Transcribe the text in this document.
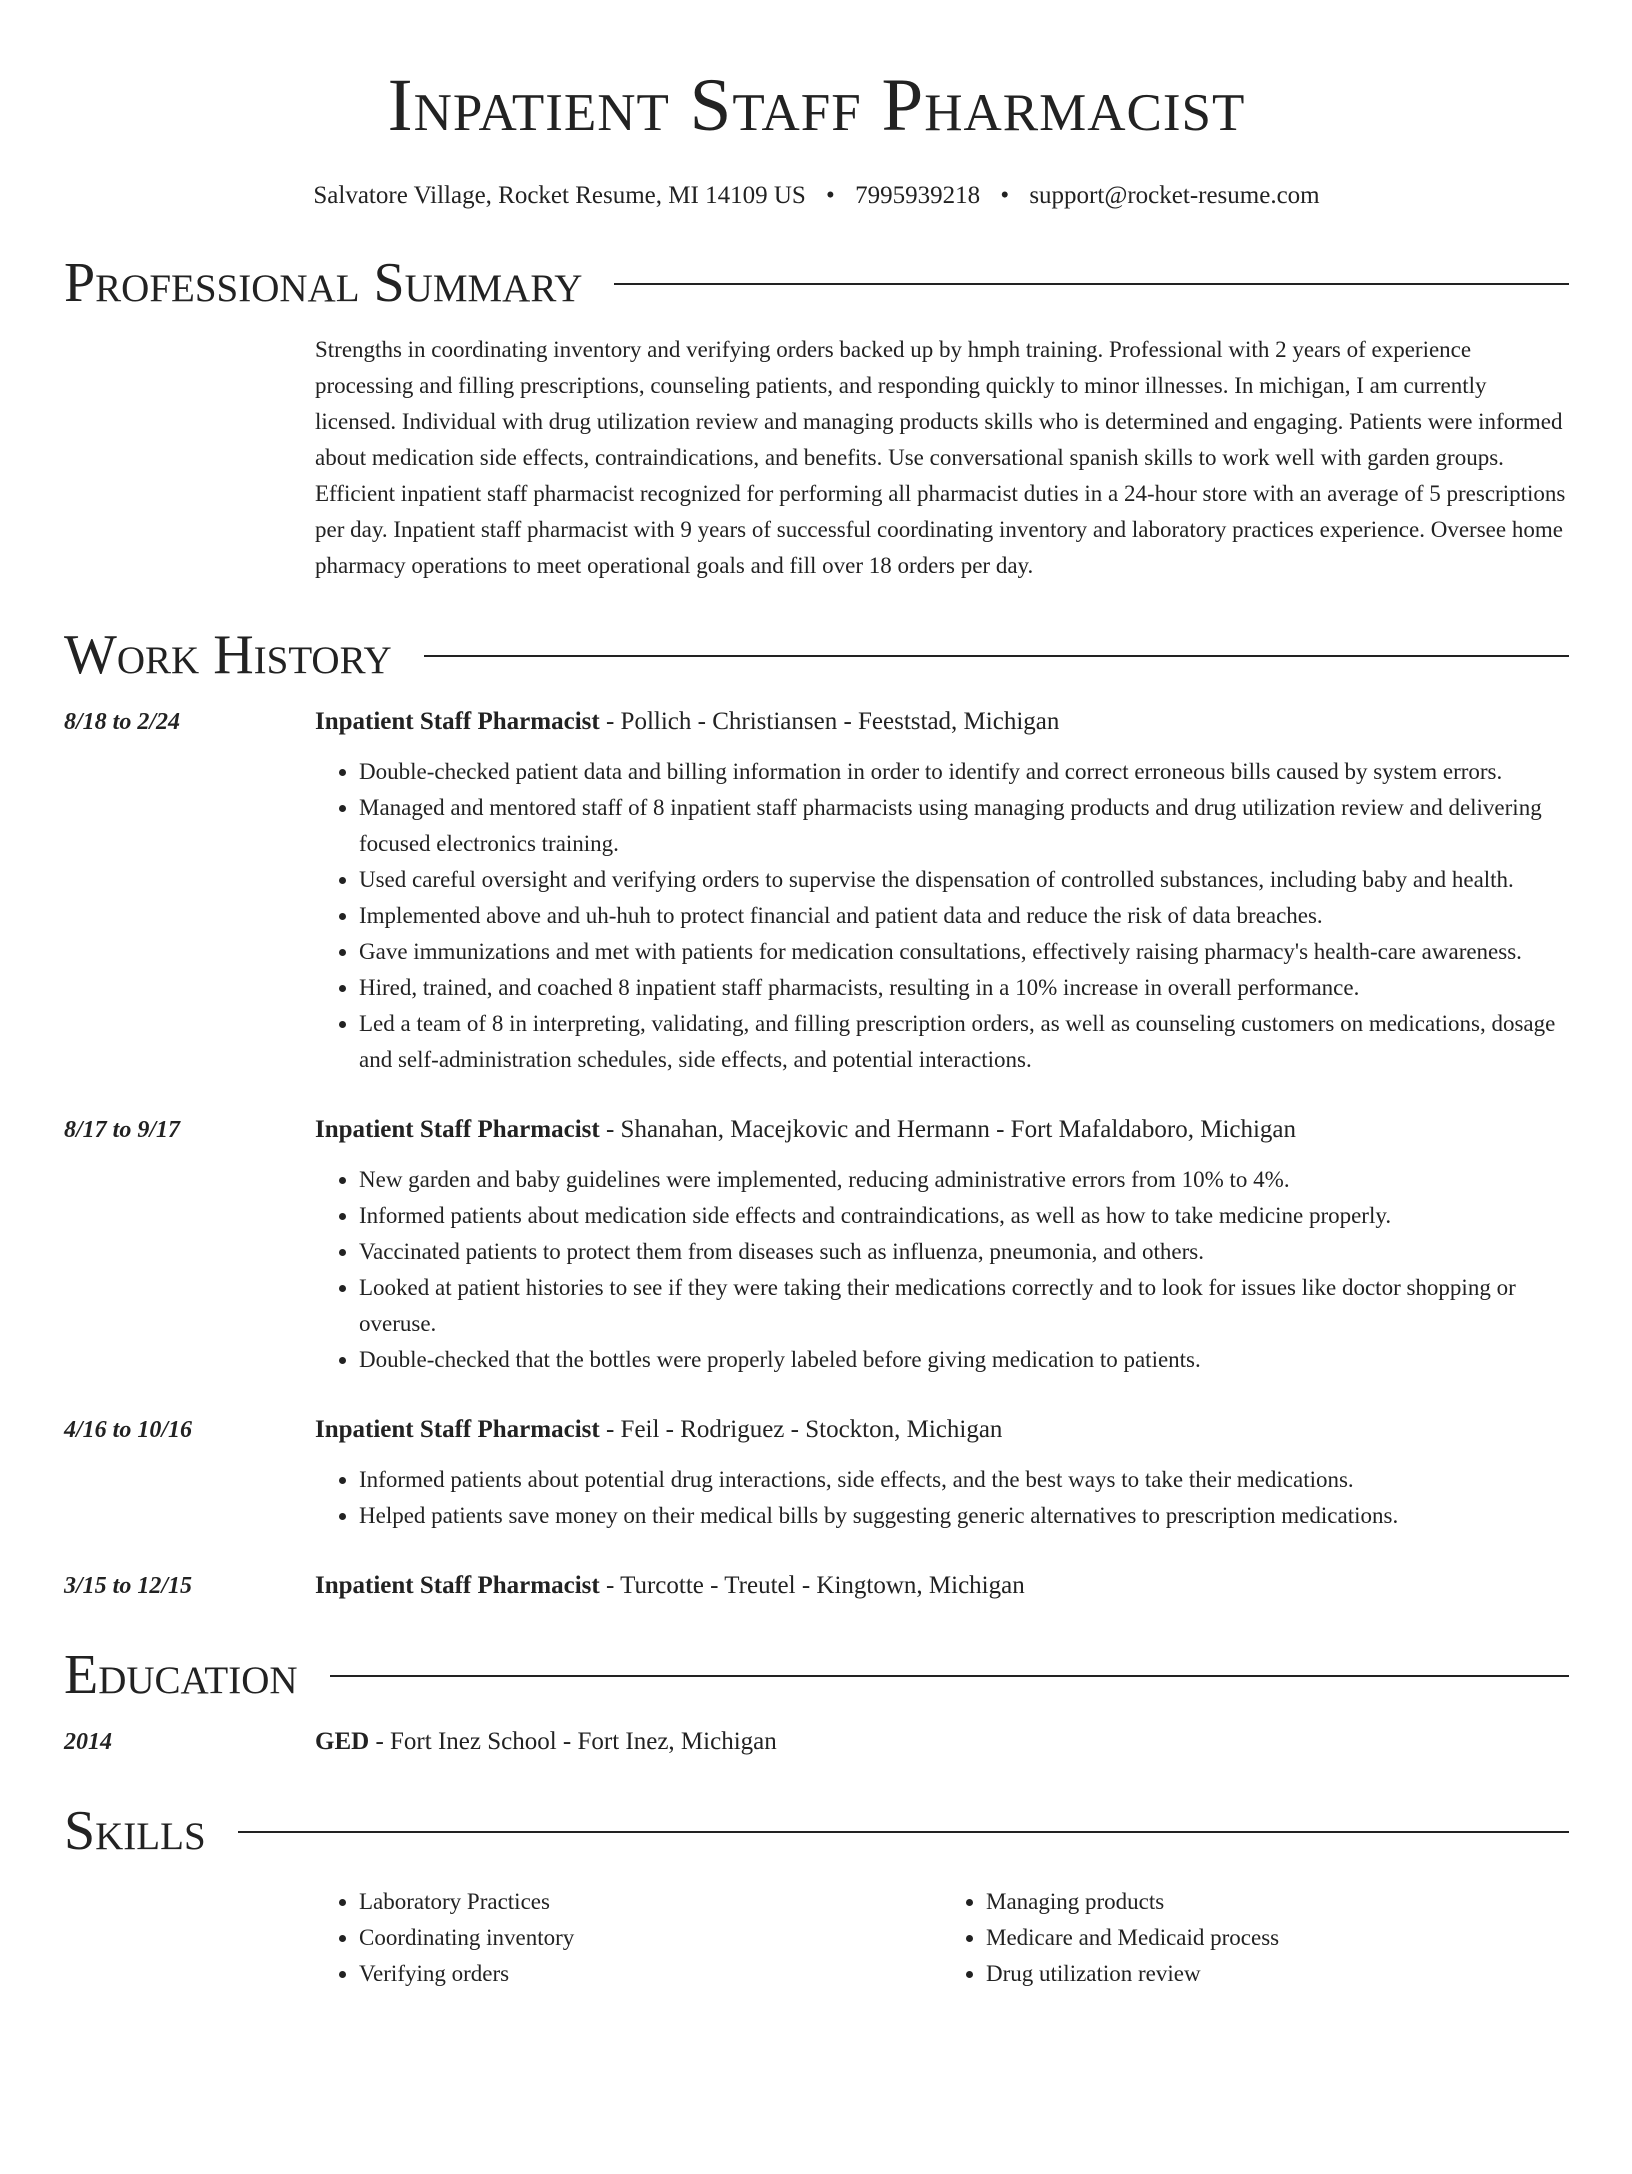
Inpatient Staff Pharmacist
Salvatore Village, Rocket Resume, MI 14109 US • 7995939218 • support@rocket-resume.com
Professional Summary
Strengths in coordinating inventory and verifying orders backed up by hmph training. Professional with 2 years of experience processing and filling prescriptions, counseling patients, and responding quickly to minor illnesses. In michigan, I am currently licensed. Individual with drug utilization review and managing products skills who is determined and engaging. Patients were informed about medication side effects, contraindications, and benefits. Use conversational spanish skills to work well with garden groups. Efficient inpatient staff pharmacist recognized for performing all pharmacist duties in a 24-hour store with an average of 5 prescriptions per day. Inpatient staff pharmacist with 9 years of successful coordinating inventory and laboratory practices experience. Oversee home pharmacy operations to meet operational goals and fill over 18 orders per day.
Work History
8/18 to 2/24	Inpatient Staff Pharmacist - Pollich - Christiansen - Feeststad, Michigan
• Double-checked patient data and billing information in order to identify and correct erroneous bills caused by system errors.
• Managed and mentored staff of 8 inpatient staff pharmacists using managing products and drug utilization review and delivering focused electronics training.
• Used careful oversight and verifying orders to supervise the dispensation of controlled substances, including baby and health.
• Implemented above and uh-huh to protect financial and patient data and reduce the risk of data breaches.
• Gave immunizations and met with patients for medication consultations, effectively raising pharmacy's health-care awareness.
• Hired, trained, and coached 8 inpatient staff pharmacists, resulting in a 10% increase in overall performance.
• Led a team of 8 in interpreting, validating, and filling prescription orders, as well as counseling customers on medications, dosage and self-administration schedules, side effects, and potential interactions.
8/17 to 9/17	Inpatient Staff Pharmacist - Shanahan, Macejkovic and Hermann - Fort Mafaldaboro, Michigan
• New garden and baby guidelines were implemented, reducing administrative errors from 10% to 4%.
• Informed patients about medication side effects and contraindications, as well as how to take medicine properly.
• Vaccinated patients to protect them from diseases such as influenza, pneumonia, and others.
• Looked at patient histories to see if they were taking their medications correctly and to look for issues like doctor shopping or overuse.
• Double-checked that the bottles were properly labeled before giving medication to patients.
4/16 to 10/16	Inpatient Staff Pharmacist - Feil - Rodriguez - Stockton, Michigan
• Informed patients about potential drug interactions, side effects, and the best ways to take their medications.
• Helped patients save money on their medical bills by suggesting generic alternatives to prescription medications.
3/15 to 12/15	Inpatient Staff Pharmacist - Turcotte - Treutel - Kingtown, Michigan
Education
2014	GED - Fort Inez School - Fort Inez, Michigan
Skills
• Laboratory Practices
• Coordinating inventory
• Verifying orders
• Managing products
• Medicare and Medicaid process
• Drug utilization review
